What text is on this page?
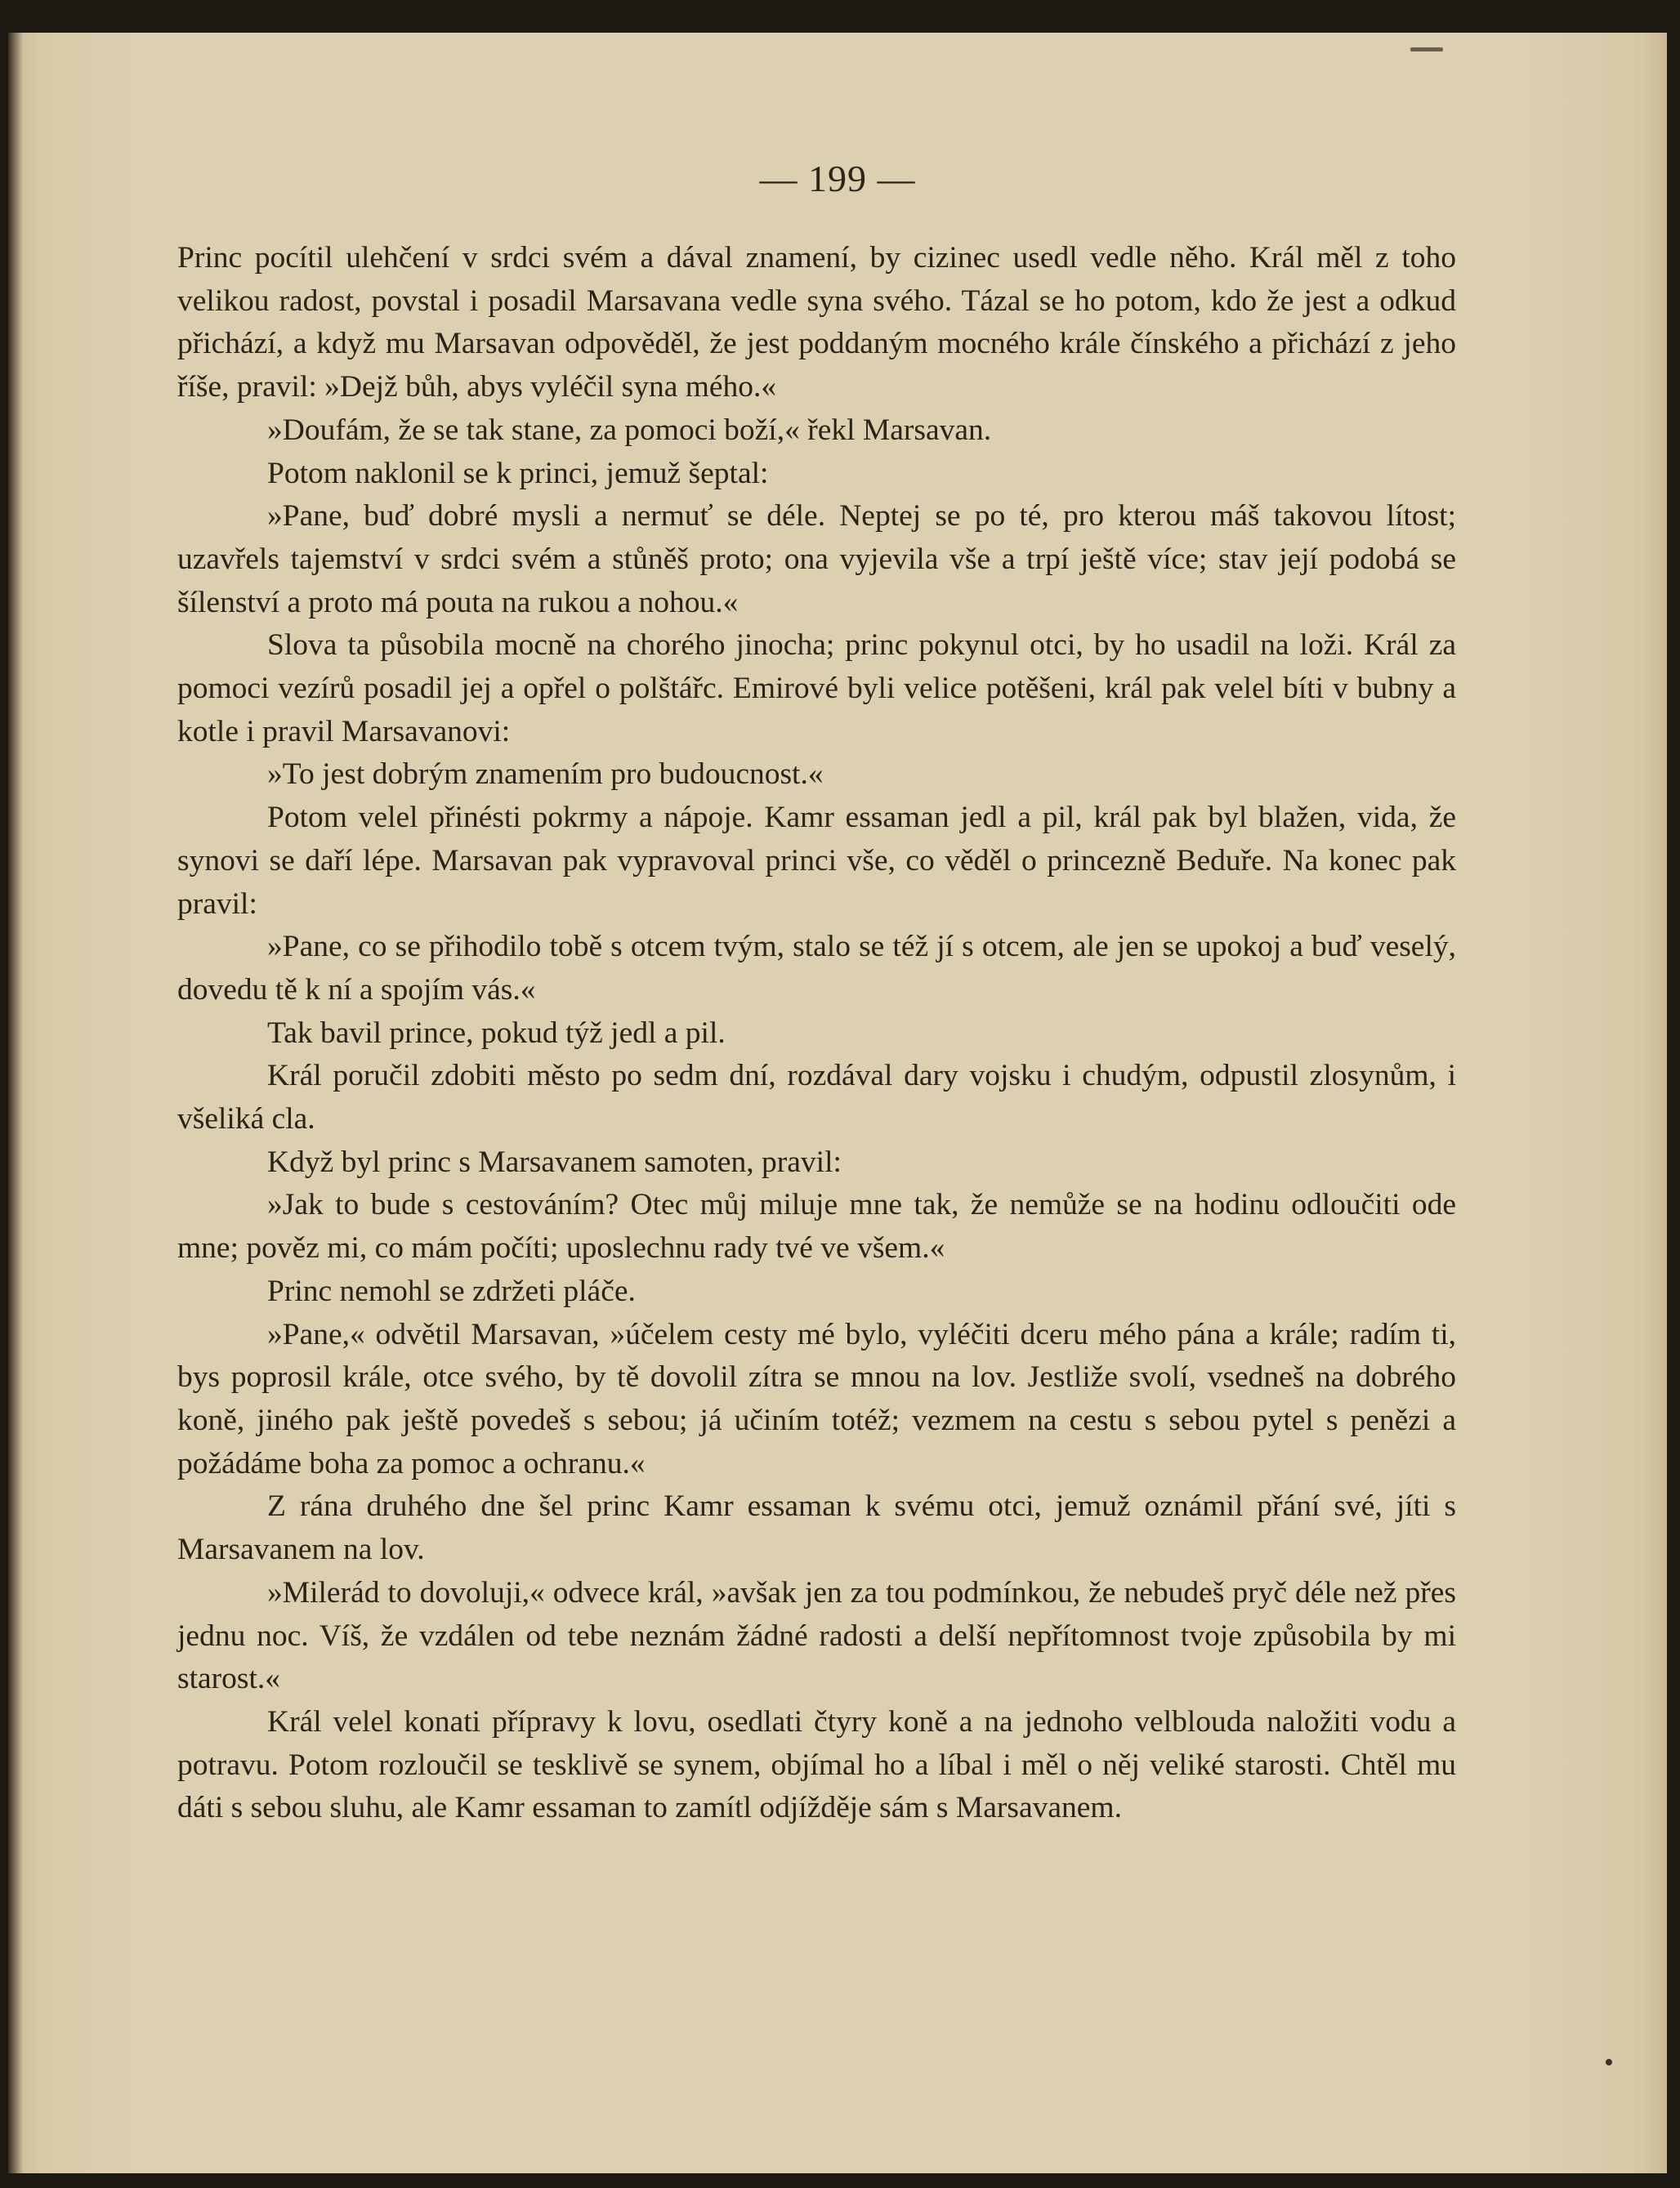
— 199 —

Princ pocítil ulehčení v srdci svém a dával znamení, by cizinec usedl vedle něho. Král měl z toho velikou radost, povstal i posadil Marsavana vedle syna svého. Tázal se ho potom, kdo že jest a odkud přichází, a když mu Marsavan odpověděl, že jest poddaným mocného krále čínského a přichází z jeho říše, pravil: »Dejž bůh, abys vyléčil syna mého.«

»Doufám, že se tak stane, za pomoci boží,« řekl Marsavan.

Potom naklonil se k princi, jemuž šeptal:

»Pane, buď dobré mysli a nermuť se déle. Neptej se po té, pro kterou máš takovou lítost; uzavřels tajemství v srdci svém a stůněš proto; ona vyjevila vše a trpí ještě více; stav její podobá se šílenství a proto má pouta na rukou a nohou.«

Slova ta působila mocně na chorého jinocha; princ pokynul otci, by ho usadil na loži. Král za pomoci vezírů posadil jej a opřel o polštářc. Emirové byli velice potěšeni, král pak velel bíti v bubny a kotle i pravil Marsavanovi:

»To jest dobrým znamením pro budoucnost.«

Potom velel přinésti pokrmy a nápoje. Kamr essaman jedl a pil, král pak byl blažen, vida, že synovi se daří lépe. Marsavan pak vypravoval princi vše, co věděl o princezně Beduře. Na konec pak pravil:

»Pane, co se přihodilo tobě s otcem tvým, stalo se též jí s otcem, ale jen se upokoj a buď veselý, dovedu tě k ní a spojím vás.«

Tak bavil prince, pokud týž jedl a pil.

Král poručil zdobiti město po sedm dní, rozdával dary vojsku i chudým, odpustil zlosynům, i všeliká cla.

Když byl princ s Marsavanem samoten, pravil:

»Jak to bude s cestováním? Otec můj miluje mne tak, že nemůže se na hodinu odloučiti ode mne; pověz mi, co mám počíti; uposlechnu rady tvé ve všem.«

Princ nemohl se zdržeti pláče.

»Pane,« odvětil Marsavan, »účelem cesty mé bylo, vyléčiti dceru mého pána a krále; radím ti, bys poprosil krále, otce svého, by tě dovolil zítra se mnou na lov. Jestliže svolí, vsedneš na dobrého koně, jiného pak ještě povedeš s sebou; já učiním totéž; vezmem na cestu s sebou pytel s penězi a požádáme boha za pomoc a ochranu.«

Z rána druhého dne šel princ Kamr essaman k svému otci, jemuž oznámil přání své, jíti s Marsavanem na lov.

»Milerád to dovoluji,« odvece král, »avšak jen za tou podmínkou, že nebudeš pryč déle než přes jednu noc. Víš, že vzdálen od tebe neznám žádné radosti a delší nepřítomnost tvoje způsobila by mi starost.«

Král velel konati přípravy k lovu, osedlati čtyry koně a na jednoho velblouda naložiti vodu a potravu. Potom rozloučil se tesklivě se synem, objímal ho a líbal i měl o něj veliké starosti. Chtěl mu dáti s sebou sluhu, ale Kamr essaman to zamítl odjížděje sám s Marsavanem.
